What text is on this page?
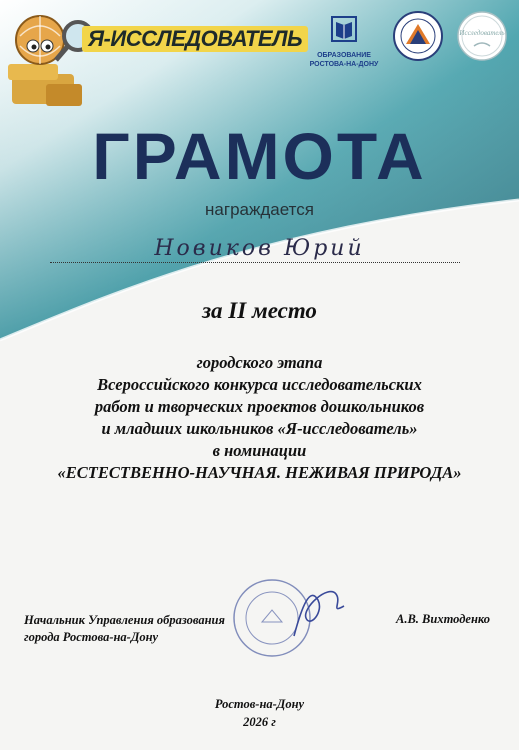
Я-ИССЛЕДОВАТЕЛЬ
ОБРАЗОВАНИЕ
РОСТОВА-НА-ДОНУ
Исследователь
ГРАМОТА
награждается
Новиков Юрий
за II место
городского этапа
Всероссийского конкурса исследовательских
работ и творческих проектов дошкольников
и младших школьников «Я-исследователь»
в номинации
«ЕСТЕСТВЕННО-НАУЧНАЯ. НЕЖИВАЯ ПРИРОДА»
Начальник Управления образования
города Ростова-на-Дону
А.В. Вихтоденко
Ростов-на-Дону
2026 г
